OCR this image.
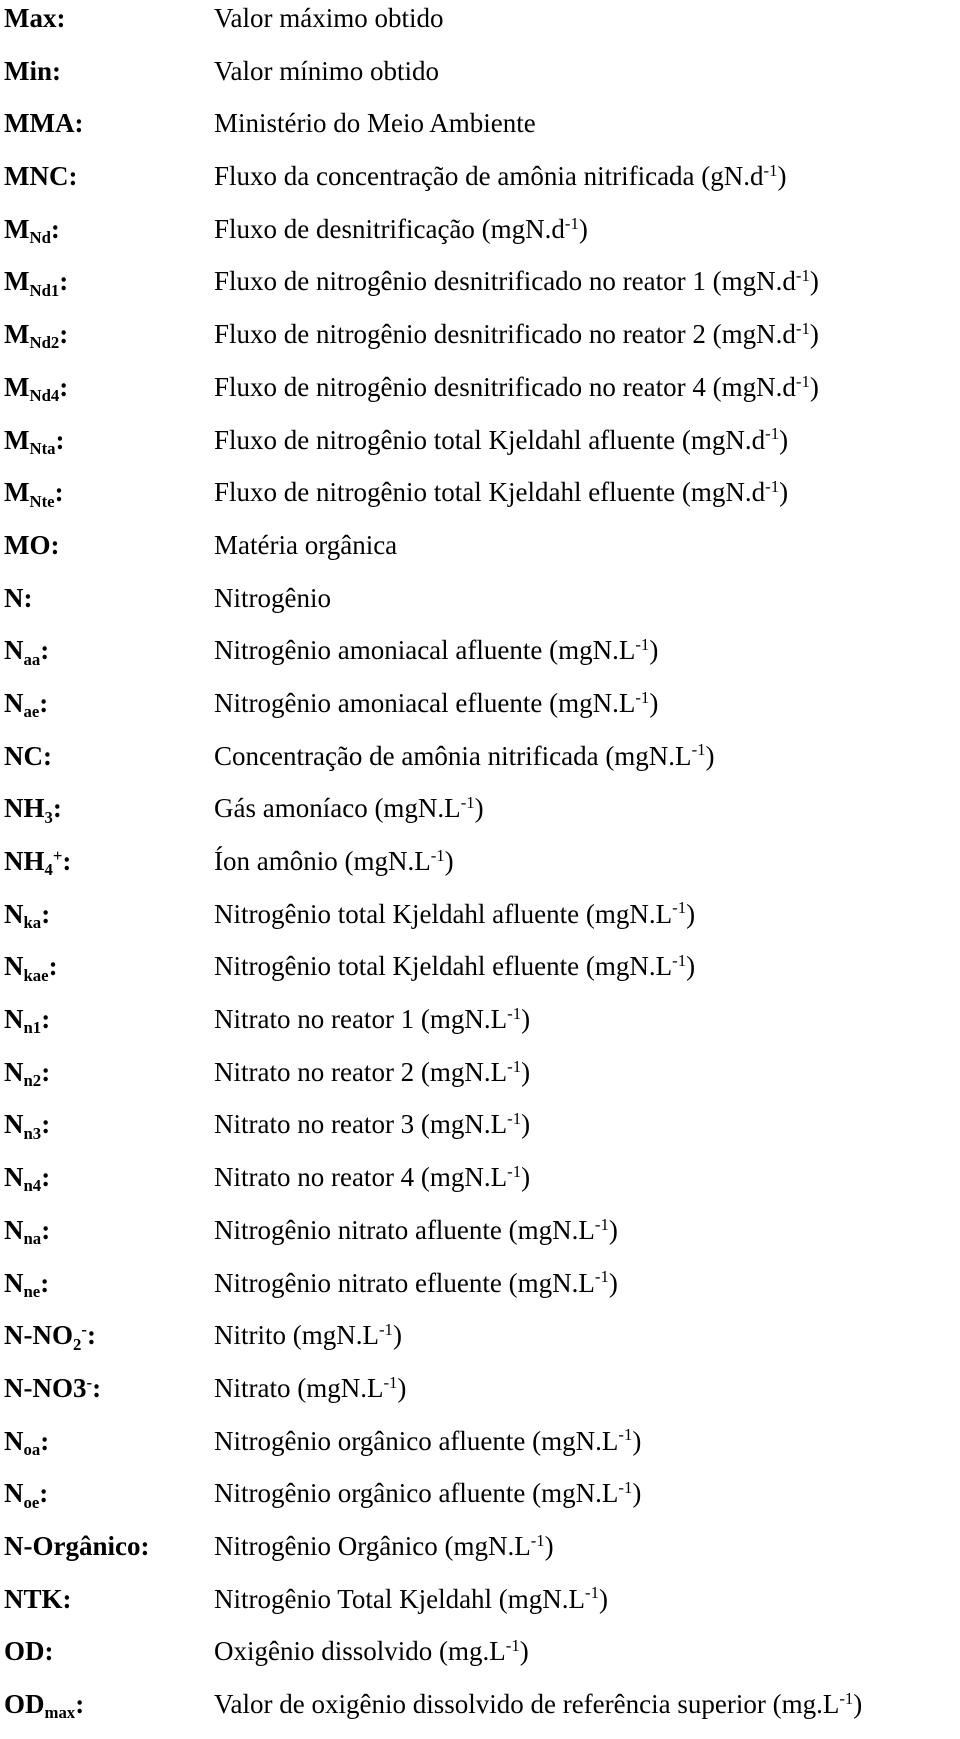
Max:	Valor máximo obtido
Min:	Valor mínimo obtido
MMA:	Ministério do Meio Ambiente
MNC:	Fluxo da concentração de amônia nitrificada $(gN.d^{-1})$
$M_{Nd}$:	Fluxo de desnitrificação $(mgN.d^{-1})$
$M_{Nd1}$:	Fluxo de nitrogênio desnitrificado no reator 1 $(mgN.d^{-1})$
$M_{Nd2}$:	Fluxo de nitrogênio desnitrificado no reator 2 $(mgN.d^{-1})$
$M_{Nd4}$:	Fluxo de nitrogênio desnitrificado no reator 4 $(mgN.d^{-1})$
$M_{Nta}$:	Fluxo de nitrogênio total Kjeldahl afluente $(mgN.d^{-1})$
$M_{Nte}$:	Fluxo de nitrogênio total Kjeldahl efluente $(mgN.d^{-1})$
MO:	Matéria orgânica
N:	Nitrogênio
$N_{aa}$:	Nitrogênio amoniacal afluente $(mgN.L^{-1})$
$N_{ae}$:	Nitrogênio amoniacal efluente $(mgN.L^{-1})$
NC:	Concentração de amônia nitrificada $(mgN.L^{-1})$
$NH_3$:	Gás amoníaco $(mgN.L^{-1})$
$NH_4^+$:	Íon amônio $(mgN.L^{-1})$
$N_{ka}$:	Nitrogênio total Kjeldahl afluente $(mgN.L^{-1})$
$N_{kae}$:	Nitrogênio total Kjeldahl efluente $(mgN.L^{-1})$
$N_{n1}$:	Nitrato no reator 1 $(mgN.L^{-1})$
$N_{n2}$:	Nitrato no reator 2 $(mgN.L^{-1})$
$N_{n3}$:	Nitrato no reator 3 $(mgN.L^{-1})$
$N_{n4}$:	Nitrato no reator 4 $(mgN.L^{-1})$
$N_{na}$:	Nitrogênio nitrato afluente $(mgN.L^{-1})$
$N_{ne}$:	Nitrogênio nitrato efluente $(mgN.L^{-1})$
$N-NO_2^-$:	Nitrito $(mgN.L^{-1})$
N-NO3-:	Nitrato $(mgN.L^{-1})$
$N_{oa}$:	Nitrogênio orgânico afluente $(mgN.L^{-1})$
$N_{oe}$:	Nitrogênio orgânico afluente $(mgN.L^{-1})$
N-Orgânico: Nitrogênio Orgânico $(mgN.L^{-1})$
NTK:	Nitrogênio Total Kjeldahl $(mgN.L^{-1})$
OD:	Oxigênio dissolvido $(mg.L^{-1})$
$OD_{max}$:	Valor de oxigênio dissolvido de referência superior $(mg.L^{-1})$
